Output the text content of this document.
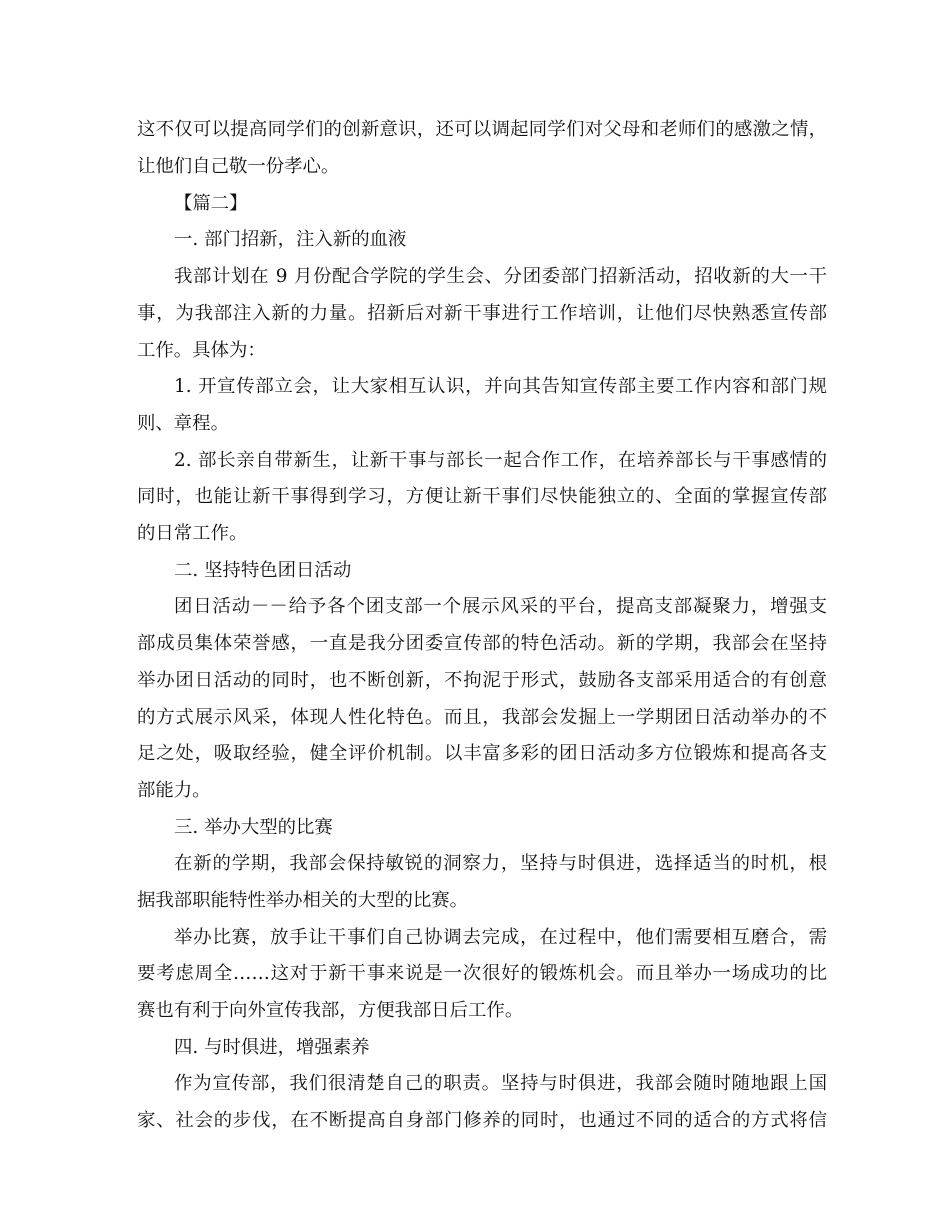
这不仅可以提高同学们的创新意识，还可以调起同学们对父母和老师们的感激之情，
让他们自己敬一份孝心。
【篇二】
一. 部门招新，注入新的血液
我部计划在 9 月份配合学院的学生会、分团委部门招新活动，招收新的大一干
事，为我部注入新的力量。招新后对新干事进行工作培训，让他们尽快熟悉宣传部
工作。具体为：
1. 开宣传部立会，让大家相互认识，并向其告知宣传部主要工作内容和部门规
则、章程。
2. 部长亲自带新生，让新干事与部长一起合作工作，在培养部长与干事感情的
同时，也能让新干事得到学习，方便让新干事们尽快能独立的、全面的掌握宣传部
的日常工作。
二. 坚持特色团日活动
团日活动－－给予各个团支部一个展示风采的平台，提高支部凝聚力，增强支
部成员集体荣誉感，一直是我分团委宣传部的特色活动。新的学期，我部会在坚持
举办团日活动的同时，也不断创新，不拘泥于形式，鼓励各支部采用适合的有创意
的方式展示风采，体现人性化特色。而且，我部会发掘上一学期团日活动举办的不
足之处，吸取经验，健全评价机制。以丰富多彩的团日活动多方位锻炼和提高各支
部能力。
三. 举办大型的比赛
在新的学期，我部会保持敏锐的洞察力，坚持与时俱进，选择适当的时机，根
据我部职能特性举办相关的大型的比赛。
举办比赛，放手让干事们自己协调去完成，在过程中，他们需要相互磨合，需
要考虑周全……这对于新干事来说是一次很好的锻炼机会。而且举办一场成功的比
赛也有利于向外宣传我部，方便我部日后工作。
四. 与时俱进，增强素养
作为宣传部，我们很清楚自己的职责。坚持与时俱进，我部会随时随地跟上国
家、社会的步伐，在不断提高自身部门修养的同时，也通过不同的适合的方式将信
